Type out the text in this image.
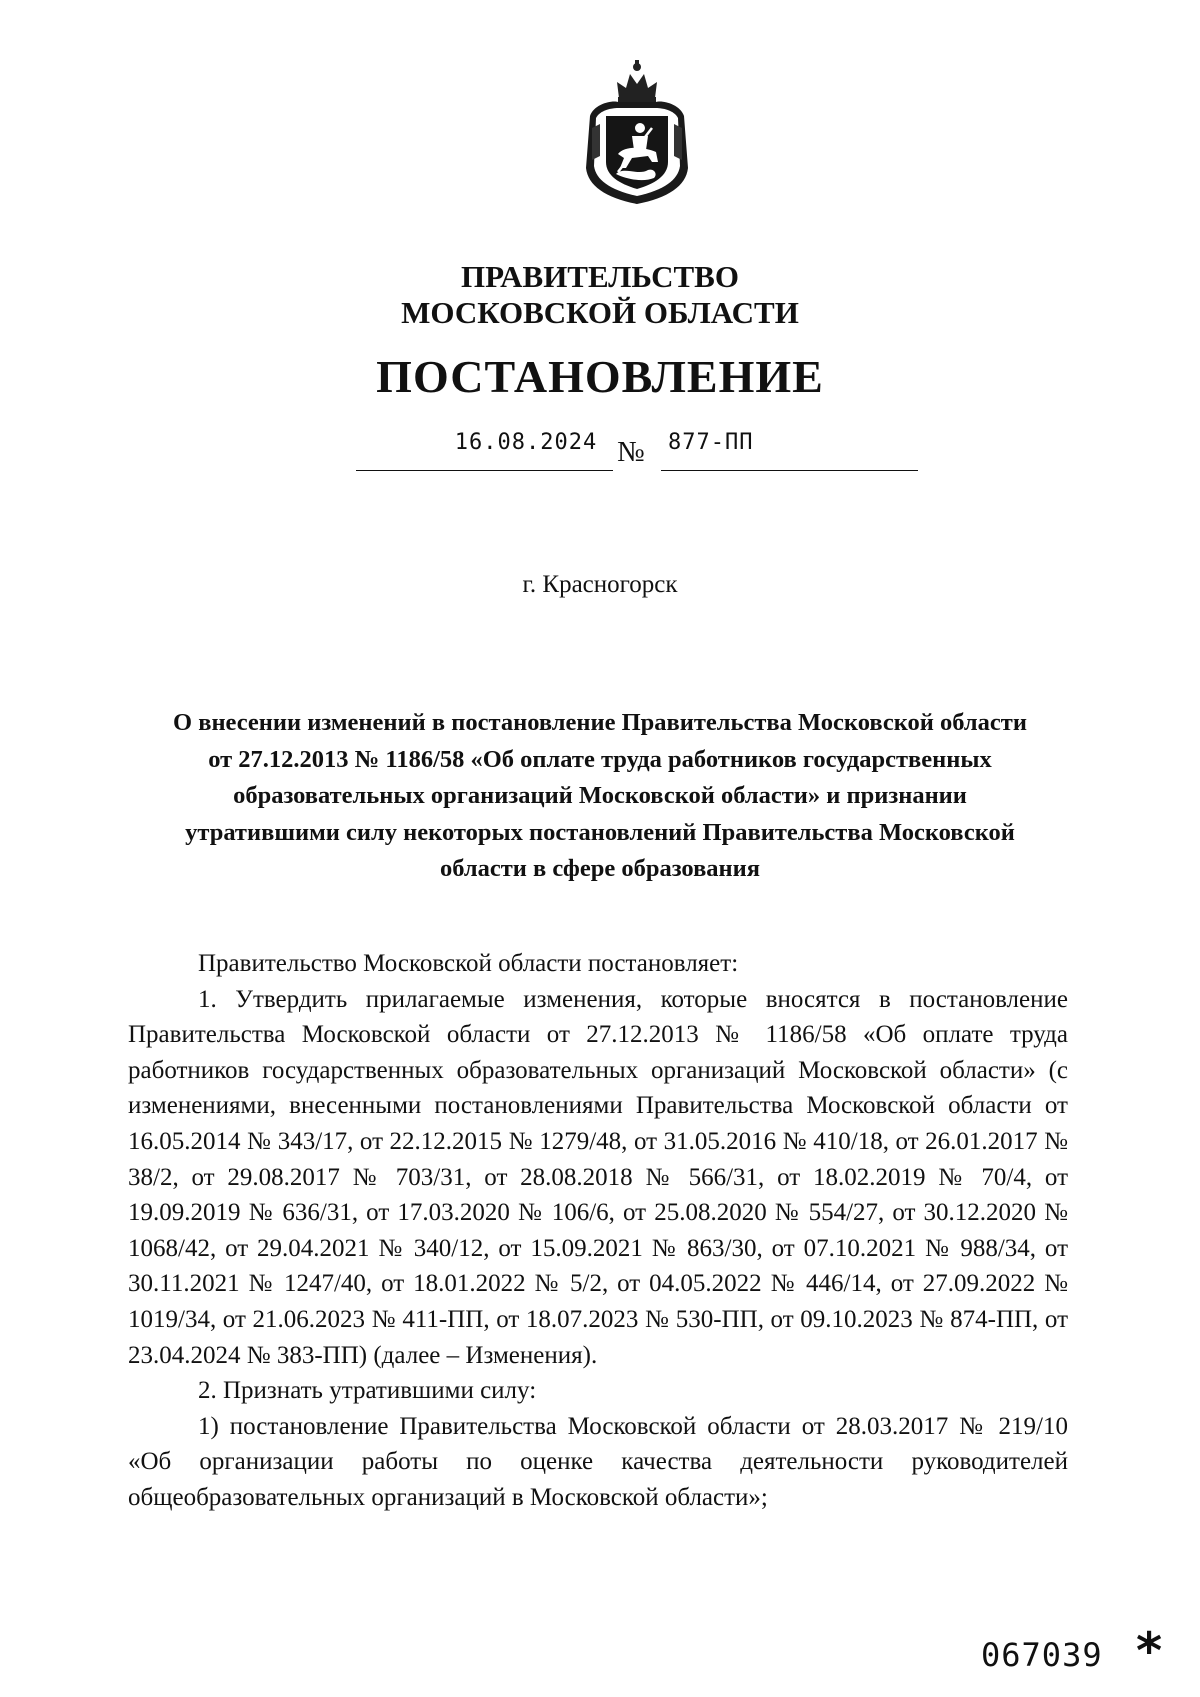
ПРАВИТЕЛЬСТВО
МОСКОВСКОЙ ОБЛАСТИ
ПОСТАНОВЛЕНИЕ
16.08.2024 № 877-ПП
г. Красногорск
О внесении изменений в постановление Правительства Московской области
от 27.12.2013 № 1186/58 «Об оплате труда работников государственных
образовательных организаций Московской области» и признании
утратившими силу некоторых постановлений Правительства Московской
области в сфере образования

Правительство Московской области постановляет:

1. Утвердить прилагаемые изменения, которые вносятся в постановление Правительства Московской области от 27.12.2013 № 1186/58 «Об оплате труда работников государственных образовательных организаций Московской области» (с изменениями, внесенными постановлениями Правительства Московской области от 16.05.2014 № 343/17, от 22.12.2015 № 1279/48, от 31.05.2016 № 410/18, от 26.01.2017 № 38/2, от 29.08.2017 № 703/31, от 28.08.2018 № 566/31, от 18.02.2019 № 70/4, от 19.09.2019 № 636/31, от 17.03.2020 № 106/6, от 25.08.2020 № 554/27, от 30.12.2020 № 1068/42, от 29.04.2021 № 340/12, от 15.09.2021 № 863/30, от 07.10.2021 № 988/34, от 30.11.2021 № 1247/40, от 18.01.2022 № 5/2, от 04.05.2022 № 446/14, от 27.09.2022 № 1019/34, от 21.06.2023 № 411-ПП, от 18.07.2023 № 530-ПП, от 09.10.2023 № 874-ПП, от 23.04.2024 № 383-ПП) (далее – Изменения).

2. Признать утратившими силу:

1) постановление Правительства Московской области от 28.03.2017 № 219/10 «Об организации работы по оценке качества деятельности руководителей общеобразовательных организаций в Московской области»;

067039 *
